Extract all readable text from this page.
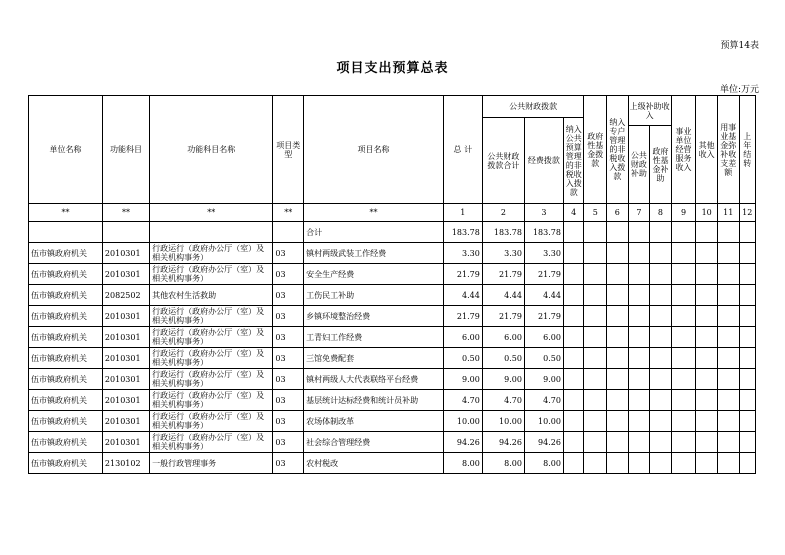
预算14表
项目支出预算总表
单位:万元
单位名称	功能科目	功能科目名称	项目类型	项目名称	总 计	公共财政拨款			政府性基金拨款	纳入专户管理的非税收入拨款	上级补助收入		事业单位经营服务收入	其他收入	用事业基金弥补收支差额	上年结转
						公共财政拨款合计	经费拨款	纳入公共预算管理的非税收入拨款								
											公共财政补助	政府性基金补助				
**	**	**	**	**	1	2	3	4	5	6	7	8	9	10	11	12
				合计	183.78	183.78	183.78									
伍市镇政府机关	2010301	行政运行（政府办公厅（室）及相关机构事务）	03	镇村两级武装工作经费	3.30	3.30	3.30									
伍市镇政府机关	2010301	行政运行（政府办公厅（室）及相关机构事务）	03	安全生产经费	21.79	21.79	21.79									
伍市镇政府机关	2082502	其他农村生活救助	03	工伤民工补助	4.44	4.44	4.44									
伍市镇政府机关	2010301	行政运行（政府办公厅（室）及相关机构事务）	03	乡镇环境整治经费	21.79	21.79	21.79									
伍市镇政府机关	2010301	行政运行（政府办公厅（室）及相关机构事务）	03	工青妇工作经费	6.00	6.00	6.00									
伍市镇政府机关	2010301	行政运行（政府办公厅（室）及相关机构事务）	03	三馆免费配套	0.50	0.50	0.50									
伍市镇政府机关	2010301	行政运行（政府办公厅（室）及相关机构事务）	03	镇村两级人大代表联络平台经费	9.00	9.00	9.00									
伍市镇政府机关	2010301	行政运行（政府办公厅（室）及相关机构事务）	03	基层统计达标经费和统计员补助	4.70	4.70	4.70									
伍市镇政府机关	2010301	行政运行（政府办公厅（室）及相关机构事务）	03	农场体制改革	10.00	10.00	10.00									
伍市镇政府机关	2010301	行政运行（政府办公厅（室）及相关机构事务）	03	社会综合管理经费	94.26	94.26	94.26									
伍市镇政府机关	2130102	一般行政管理事务	03	农村税改	8.00	8.00	8.00									
